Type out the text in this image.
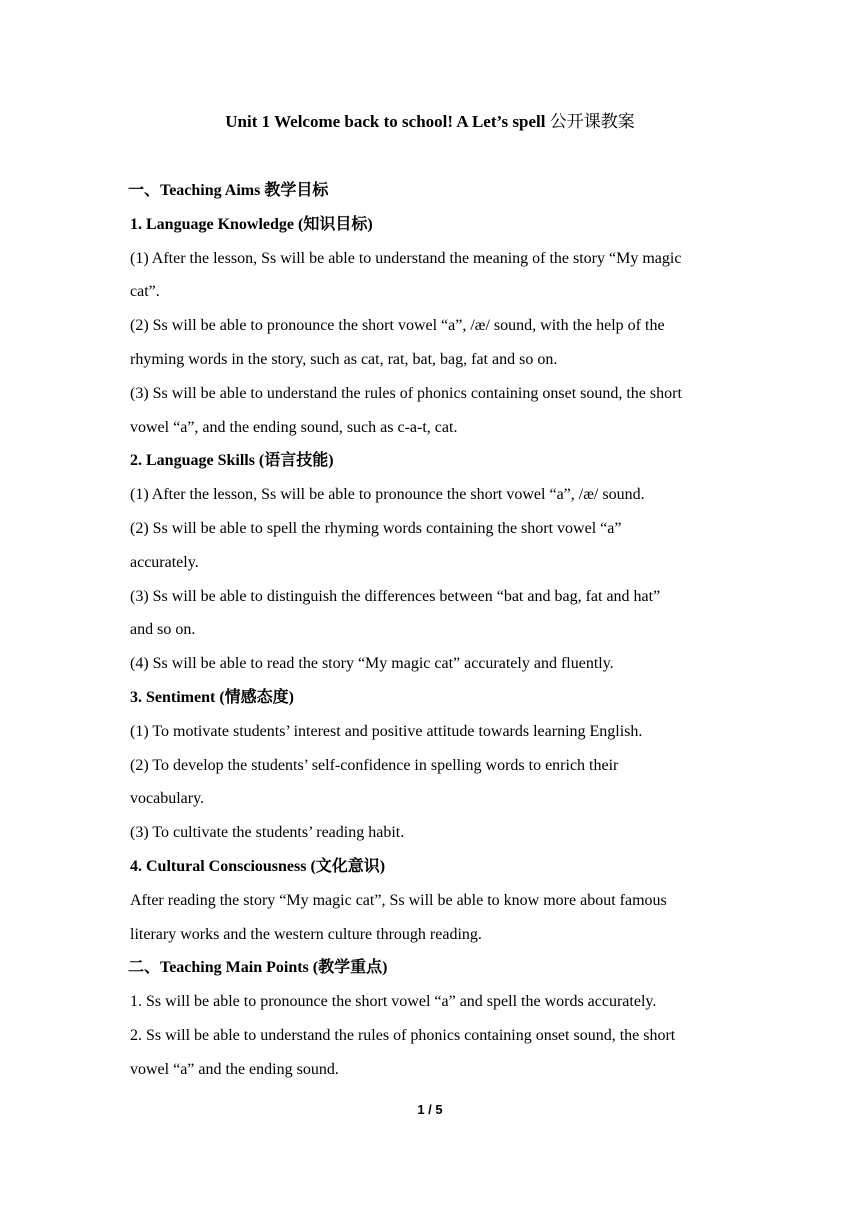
Unit 1 Welcome back to school! A Let’s spell 公开课教案
一、Teaching Aims 教学目标
1. Language Knowledge (知识目标)
(1) After the lesson, Ss will be able to understand the meaning of the story “My magic
cat”.
(2) Ss will be able to pronounce the short vowel “a”, /æ/ sound, with the help of the
rhyming words in the story, such as cat, rat, bat, bag, fat and so on.
(3) Ss will be able to understand the rules of phonics containing onset sound, the short
vowel “a”, and the ending sound, such as c-a-t, cat.
2. Language Skills (语言技能)
(1) After the lesson, Ss will be able to pronounce the short vowel “a”, /æ/ sound.
(2) Ss will be able to spell the rhyming words containing the short vowel “a”
accurately.
(3) Ss will be able to distinguish the differences between “bat and bag, fat and hat”
and so on.
(4) Ss will be able to read the story “My magic cat” accurately and fluently.
3. Sentiment (情感态度)
(1) To motivate students’ interest and positive attitude towards learning English.
(2) To develop the students’ self-confidence in spelling words to enrich their
vocabulary.
(3) To cultivate the students’ reading habit.
4. Cultural Consciousness (文化意识)
After reading the story “My magic cat”, Ss will be able to know more about famous
literary works and the western culture through reading.
二、Teaching Main Points (教学重点)
1. Ss will be able to pronounce the short vowel “a” and spell the words accurately.
2. Ss will be able to understand the rules of phonics containing onset sound, the short
vowel “a” and the ending sound.
1 / 5
